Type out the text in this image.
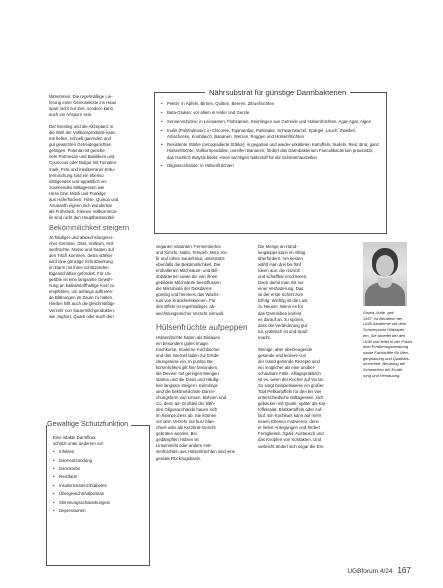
Mitnehmen. Die regelmäßige Lie-
ferung einer Gemüsekiste ins Haus
spart nicht nur Zeit, sondern kann
auch ein Ansporn sein.

Der Einstieg und die Akzeptanz in
die Welt der Vollkornprodukte kann
mit hellen, schnell garenden und
gut gewürzten Getreidegerichten
gelingen. Polenta mit geriebe-
nem Parmesan und Basilikum und
Couscous oder Bulgur mit Tomaten-
mark, Feta und mediterraner Kräu-
termischung sind ein ebenso
sättigendes und appetitlich an-
zusehendes Mittagessen wie
Hirse bzw. Müsli und Porridge
aus Haferflocken, Hirse, Quinoa und
Amaranth eignen sich wunderbar
als Frühstück. Kleinen Vollkornmüs-
lis sind nicht den Hauptbestandteil

Bekömmlichkeit steigern

Je häufiger und abwechslungsrei-
cher Gemüse, Obst, Vollkorn, Hül-
senfrüchte, Nüsse und Saaten auf
den Tisch kommen, desto stärker
wird eine günstige Schutzwirkung
im Darm mit ihren schützenden
Eigenschaften gefördert. Für Un-
geübte ist eine langsame Gewöh-
nung an ballaststoffhaltige Kost zu
empfehlen, um anfangs auftreten-
de Blähungen im Zaum zu halten.
Hierbei hilft auch die gleichmäßige
Verzehr von Sauermilchprodukten,
wie Joghurt, Quark oder auch den

Nährsubstrat für günstige Darmbakterien
• Pektin: in Äpfeln, Birnen, Quitten, Beeren, Zitrusfrüchten
• Beta-Glukan: vor allem in Hafer und Gerste
• Sonnenschirme: in Leinsamen, Flohsamen, Keimlingen aus Getreide und Hülsenfrüchten, Agar-Agar, Algen
• Inulin (Polyfruktose): in Chicorée, Topinambur, Pastinake, Schwarzwurzel, Spargel, Lauch, Zwiebel, Artischocke, Knoblauch, Bananen, Weizen, Roggen und Hülsenfrüchten
• Resistente Stärke (retrogradierte Stärke): in gegarten und wieder erkalteten Kartoffeln, Nudeln, Reis; Brot, ganz Hülsenfrüchte, Vollkornprodukte, unreifen Bananen; fördert das Darmbakterium Faecalibacterium prausnitzii, das reichlich Butyrat bildet, einen wichtigen Nährstoff für die Schleimhautzellen
• Oligosaccharide: in Hülsenfrüchten

veganen Varianten. Fermentiertes
und Kimchi, Natto, Tempeh, Miso, Ke-
fir und rohes Sauerkraut, unterstützt
ebenfalls die Bekömmlichkeit. Die
enthaltenen Milchsäure- und Bifi-
dobakterien sowie die von ihnen
gebildete Milchsäure beeinflussen
die Mikrobiota der Dickdarms
günstig und hemmen das Wachs-
tum von Krankheitskeimen. Für
den Effekt ist regelmäßiger, ab-
wechslungsreicher Verzehr sinnvoll.

Hülsenfrüchte aufpeppen

Hülsenfrüchte haben als Eiklauen
ein besonders gutes Image.
Kochkurse, moderne Kochbücher
und das Internet laden zur Entde-
ckungsreise ein. In punkto Be-
kömmlichkeit gilt hier besonders
die Devise: mit geringen Mengen
starten und die Dosis und Häufig-
keit langsam steigern. Keimlinge
sind die bekömmlichste Darrei-
chungsform von Linsen, Bohnen und
Co, denn am Großteil der bläh-
den Oligosaccharide bauen sich
im Keimprozess ab. Sie können
vor dem Verzehr nur kurz blan-
chiert oder als Kurzbrat-Gericht
gebraten werden. Bei
gedämpften Hülsen ist
Linsenmehl oder andere Hül-
senfrüchten aus Hülsenfrüchten sind eine
geniale Rückzugsbasis.

Die Menge an Hand-
lungstipps kann im Alltag
überfordern. Am besten
wählt man drei bis fünf
Ideen aus, die reizvoll
und schaffbar erscheinen.
Dann damit man mit nur
einer Veränderung. Das
ist der erste Schritt zum
Erfolg. Wichtig ist die Lust
zu Neuem. Wenn es für
das Darmleben kommt
es darauf an, zu spüren,
dass die Veränderung gut
tut, praktisch ist und Spaß
macht.

Wenige, aber überzeugende
gesunde und leckere von
der Hand gehende Rezepte sind
ein möglicher als eine unüber-
schaubare Fülle. Alltagspraktisch
ist es, wenn der Kocher auf Vorrat.
So sorgt beispielsweise ein großer
Topf Pellkartoffeln für drei bis vier
unterschiedliche Mittagessen, sich
gebacken mit Quark, später als Kar-
toffelsalat, Bratkartoffeln oder Auf-
lauf. Ein Kochkurs kann auf mehr
neuen Ebenen motivieren, denn
er liefert Anregungen und fördert
Fertigkeiten, Spaß, Austausch und
das Knüpfen von Kontakten. Und
vielleicht ändert sich sogar die Ein-

Gisela Unde, gek.
1957, ist Beraterin der
UGB-Akademie mit dem
Schwerpunkt Hildesper-
ten. Sie arbeitet bei den
UGB und leitet in der Praxis
eine Ernährungsberatung
sowie Fachkräfte für Men-
genplanung und Qualitäts-
sicherheit. Beratung bei
Schwachen auf Ernäh-
rung und Verdauung.
Gewaltige Schutzfunktion
Eine intakte Darmflora
schützt unter anderem vor:
• Infekten
• Darmentzündung
• Darmkrebs
• Reizdarm
• Insulinresistenz/Diabetes
• Übergewicht/Adipositas
• Stimmungsschwankungen/
• Depressionen
UGBforum 4/24 167
